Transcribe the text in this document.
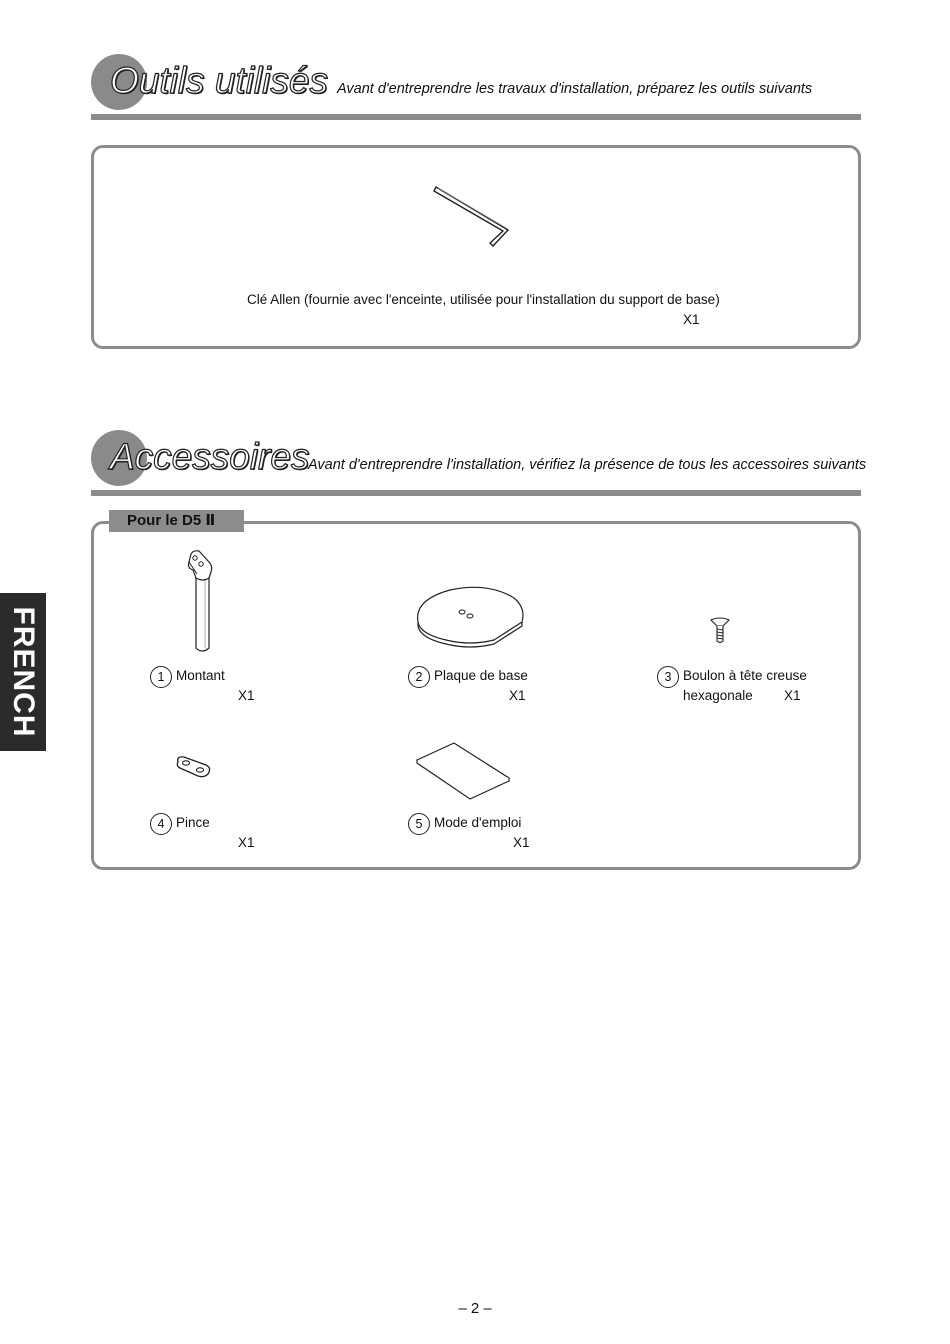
Outils utilisés Avant d'entreprendre les travaux d'installation, préparez les outils suivants
Clé Allen (fournie avec l'enceinte, utilisée pour l'installation du support de base)
X1
Accessoires
Avant d'entreprendre l'installation, vérifiez la présence de tous les accessoires suivants
Pour le D5 Ⅱ
1 Montant
X1
2 Plaque de base
X1
3 Boulon à tête creuse
hexagonale X1
4 Pince
X1
5 Mode d'emploi
X1
FRENCH
– 2 –
